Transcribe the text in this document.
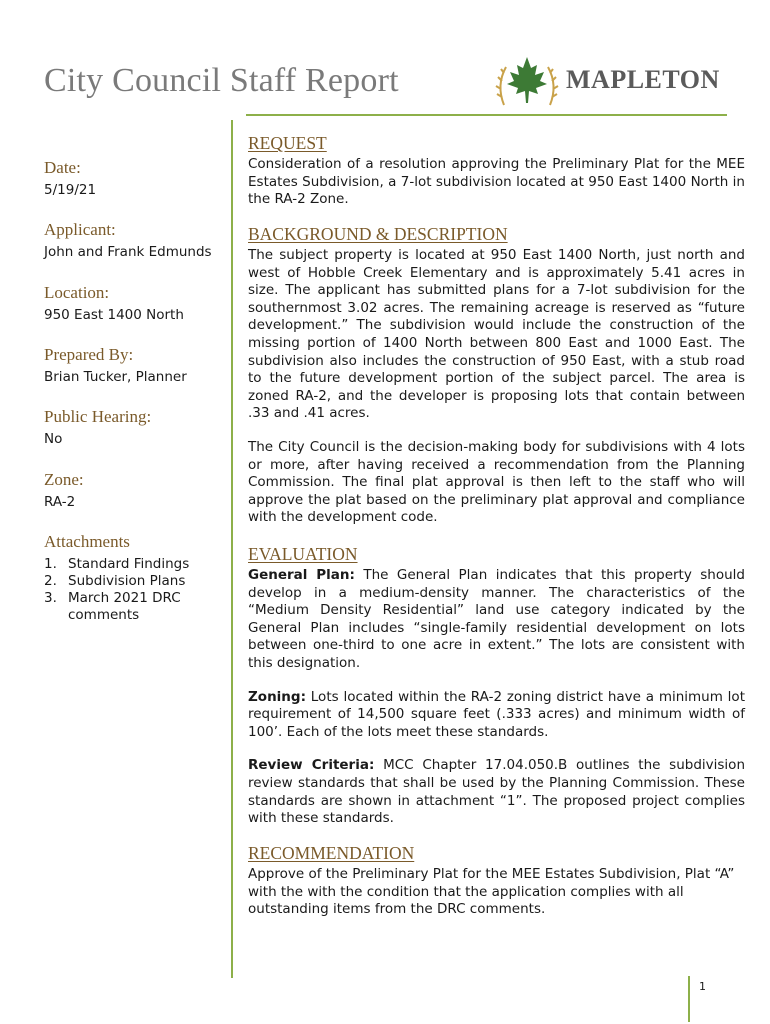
City Council Staff Report	MAPLETON
Date:
5/19/21
Applicant:
John and Frank Edmunds
Location:
950 East 1400 North
Prepared By:
Brian Tucker, Planner
Public Hearing:
No
Zone:
RA-2
Attachments
1. Standard Findings
2. Subdivision Plans
3. March 2021 DRC comments
REQUEST
Consideration of a resolution approving the Preliminary Plat for the MEE Estates Subdivision, a 7-lot subdivision located at 950 East 1400 North in the RA-2 Zone.
BACKGROUND & DESCRIPTION
The subject property is located at 950 East 1400 North, just north and west of Hobble Creek Elementary and is approximately 5.41 acres in size. The applicant has submitted plans for a 7-lot subdivision for the southernmost 3.02 acres. The remaining acreage is reserved as “future development.” The subdivision would include the construction of the missing portion of 1400 North between 800 East and 1000 East. The subdivision also includes the construction of 950 East, with a stub road to the future development portion of the subject parcel. The area is zoned RA-2, and the developer is proposing lots that contain between .33 and .41 acres.
The City Council is the decision-making body for subdivisions with 4 lots or more, after having received a recommendation from the Planning Commission. The final plat approval is then left to the staff who will approve the plat based on the preliminary plat approval and compliance with the development code.
EVALUATION
General Plan: The General Plan indicates that this property should develop in a medium-density manner. The characteristics of the “Medium Density Residential” land use category indicated by the General Plan includes “single-family residential development on lots between one-third to one acre in extent.” The lots are consistent with this designation.
Zoning: Lots located within the RA-2 zoning district have a minimum lot requirement of 14,500 square feet (.333 acres) and minimum width of 100’. Each of the lots meet these standards.
Review Criteria: MCC Chapter 17.04.050.B outlines the subdivision review standards that shall be used by the Planning Commission. These standards are shown in attachment “1”. The proposed project complies with these standards.
RECOMMENDATION
Approve of the Preliminary Plat for the MEE Estates Subdivision, Plat “A” with the with the condition that the application complies with all outstanding items from the DRC comments.
1
